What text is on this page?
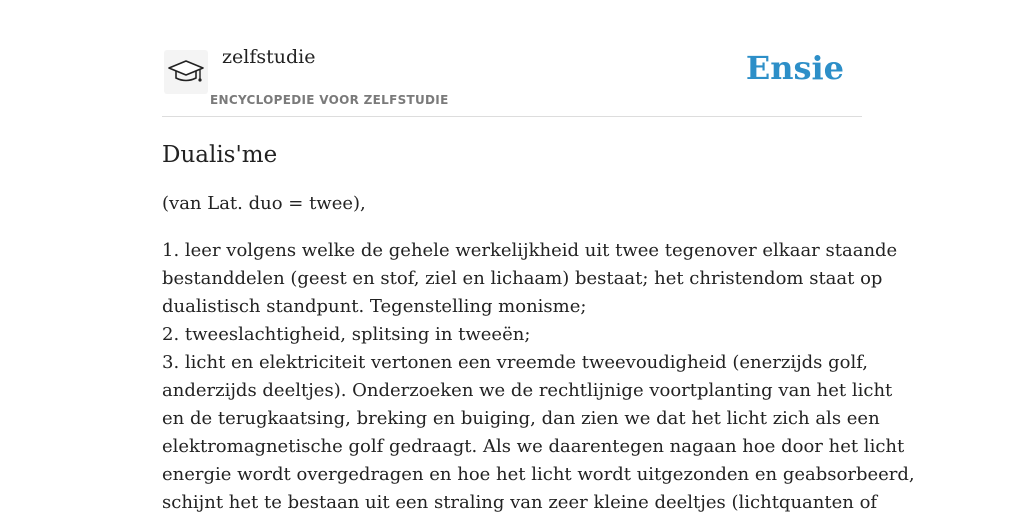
zelfstudie
ENCYCLOPEDIE VOOR ZELFSTUDIE
Ensie
Dualis'me

(van Lat. duo = twee),

1. leer volgens welke de gehele werkelijkheid uit twee tegenover elkaar staande
bestanddelen (geest en stof, ziel en lichaam) bestaat; het christendom staat op
dualistisch standpunt. Tegenstelling monisme;
2. tweeslachtigheid, splitsing in tweeën;
3. licht en elektriciteit vertonen een vreemde tweevoudigheid (enerzijds golf,
anderzijds deeltjes). Onderzoeken we de rechtlijnige voortplanting van het licht
en de terugkaatsing, breking en buiging, dan zien we dat het licht zich als een
elektromagnetische golf gedraagt. Als we daarentegen nagaan hoe door het licht
energie wordt overgedragen en hoe het licht wordt uitgezonden en geabsorbeerd,
schijnt het te bestaan uit een straling van zeer kleine deeltjes (lichtquanten of
